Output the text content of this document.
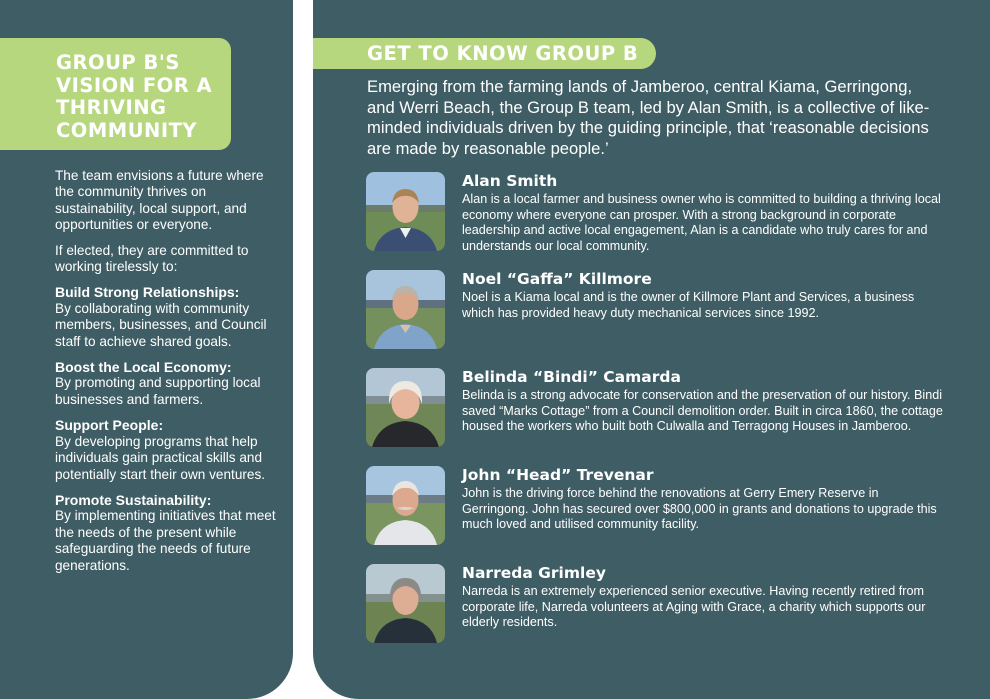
GROUP B'S
VISION FOR A
THRIVING
COMMUNITY

The team envisions a future where the community thrives on sustainability, local support, and opportunities or everyone.

If elected, they are committed to working tirelessly to:

Build Strong Relationships:
By collaborating with community members, businesses, and Council staff to achieve shared goals.
Boost the Local Economy:
By promoting and supporting local businesses and farmers.
Support People:
By developing programs that help individuals gain practical skills and potentially start their own ventures.
Promote Sustainability:
By implementing initiatives that meet the needs of the present while safeguarding the needs of future generations.
GET TO KNOW GROUP B
Emerging from the farming lands of Jamberoo, central Kiama, Gerringong, and Werri Beach, the Group B team, led by Alan Smith, is a collective of like-minded individuals driven by the guiding principle, that ‘reasonable decisions are made by reasonable people.’
Alan Smith
Alan is a local farmer and business owner who is committed to building a thriving local economy where everyone can prosper. With a strong background in corporate leadership and active local engagement, Alan is a candidate who truly cares for and understands our local community.
Noel “Gaffa” Killmore
Noel is a Kiama local and is the owner of Killmore Plant and Services, a business which has provided heavy duty mechanical services since 1992.
Belinda “Bindi” Camarda
Belinda is a strong advocate for conservation and the preservation of our history. Bindi saved “Marks Cottage” from a Council demolition order. Built in circa 1860, the cottage housed the workers who built both Culwalla and Terragong Houses in Jamberoo.
John “Head” Trevenar
John is the driving force behind the renovations at Gerry Emery Reserve in Gerringong. John has secured over $800,000 in grants and donations to upgrade this much loved and utilised community facility.
Narreda Grimley
Narreda is an extremely experienced senior executive. Having recently retired from corporate life, Narreda volunteers at Aging with Grace, a charity which supports our elderly residents.
